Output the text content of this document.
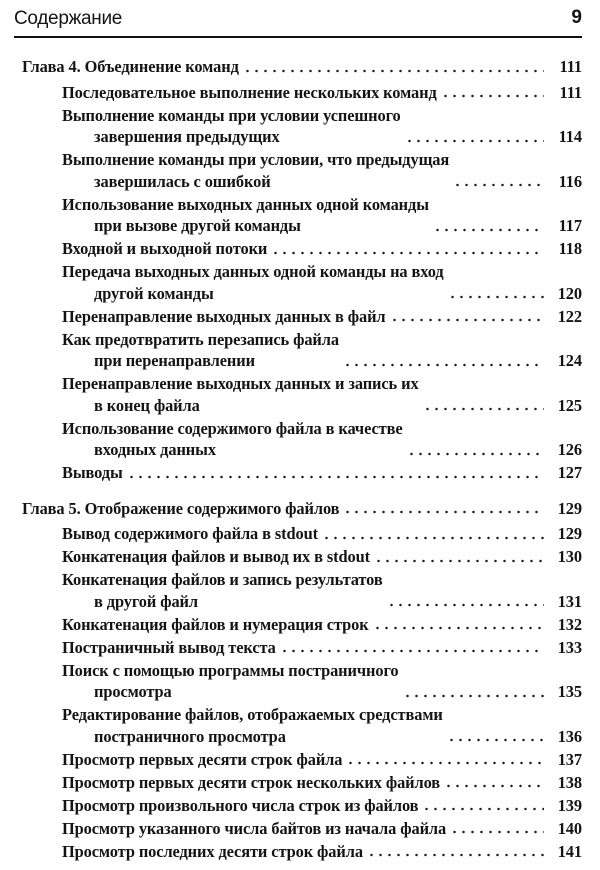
Содержание	9
Глава 4. Объединение команд	111
Последовательное выполнение нескольких команд	111
Выполнение команды при условии успешного
завершения предыдущих	114
Выполнение команды при условии, что предыдущая
завершилась с ошибкой	116
Использование выходных данных одной команды
при вызове другой команды	117
Входной и выходной потоки	118
Передача выходных данных одной команды на вход
другой команды	120
Перенаправление выходных данных в файл	122
Как предотвратить перезапись файла
при перенаправлении	124
Перенаправление выходных данных и запись их
в конец файла	125
Использование содержимого файла в качестве
входных данных	126
Выводы	127
Глава 5. Отображение содержимого файлов	129
Вывод содержимого файла в stdout	129
Конкатенация файлов и вывод их в stdout	130
Конкатенация файлов и запись результатов
в другой файл	131
Конкатенация файлов и нумерация строк	132
Постраничный вывод текста	133
Поиск с помощью программы постраничного
просмотра	135
Редактирование файлов, отображаемых средствами
постраничного просмотра	136
Просмотр первых десяти строк файла	137
Просмотр первых десяти строк нескольких файлов	138
Просмотр произвольного числа строк из файлов	139
Просмотр указанного числа байтов из начала файла	140
Просмотр последних десяти строк файла	141
